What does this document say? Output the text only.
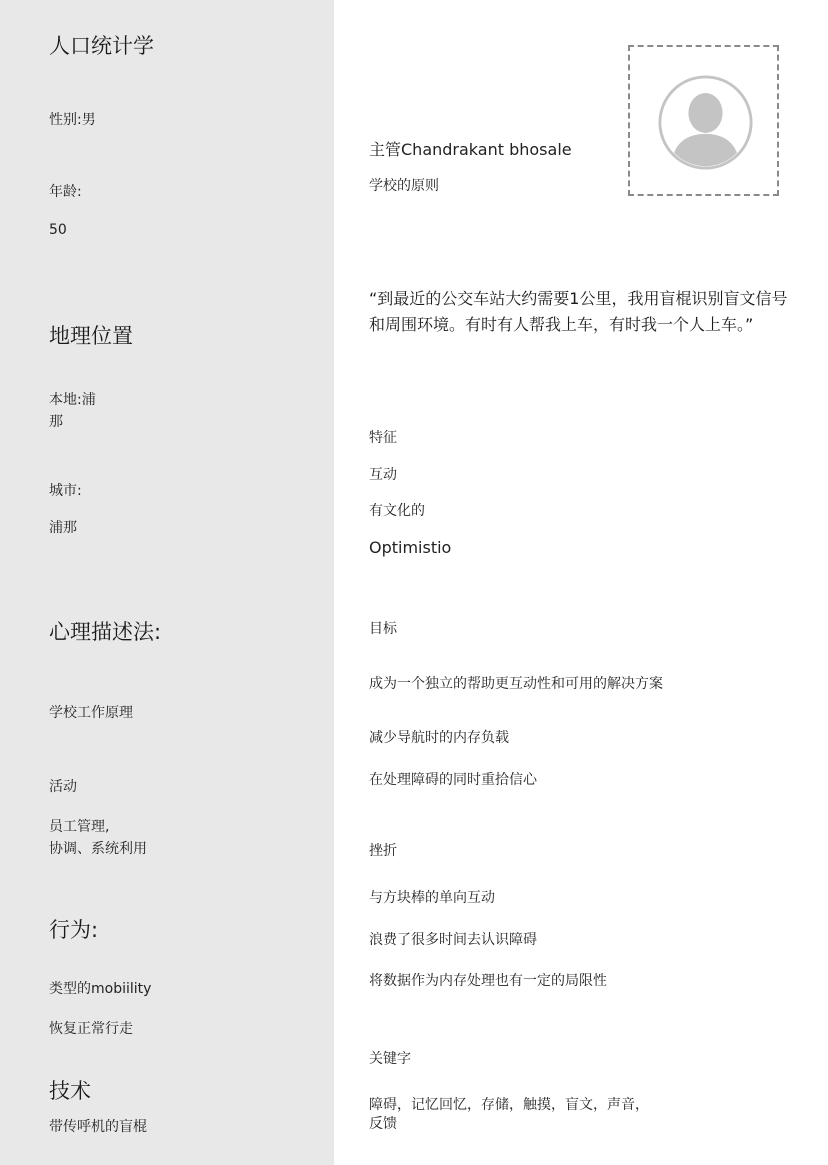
人口统计学
性别:男
年龄:
50
地理位置
本地:浦
那
城市:
浦那
心理描述法:
学校工作原理
活动
员工管理,
协调、系统利用
行为:
类型的mobiility
恢复正常行走
技术
带传呼机的盲棍
主管Chandrakant bhosale
学校的原则
“到最近的公交车站大约需要1公里，我用盲棍识别盲文信号和周围环境。有时有人帮我上车，有时我一个人上车。”
特征
互动
有文化的
Optimistio
目标
成为一个独立的帮助更互动性和可用的解决方案
减少导航时的内存负载
在处理障碍的同时重拾信心
挫折
与方块棒的单向互动
浪费了很多时间去认识障碍
将数据作为内存处理也有一定的局限性
关键字
障碍，记忆回忆，存储，触摸，盲文，声音，
反馈
